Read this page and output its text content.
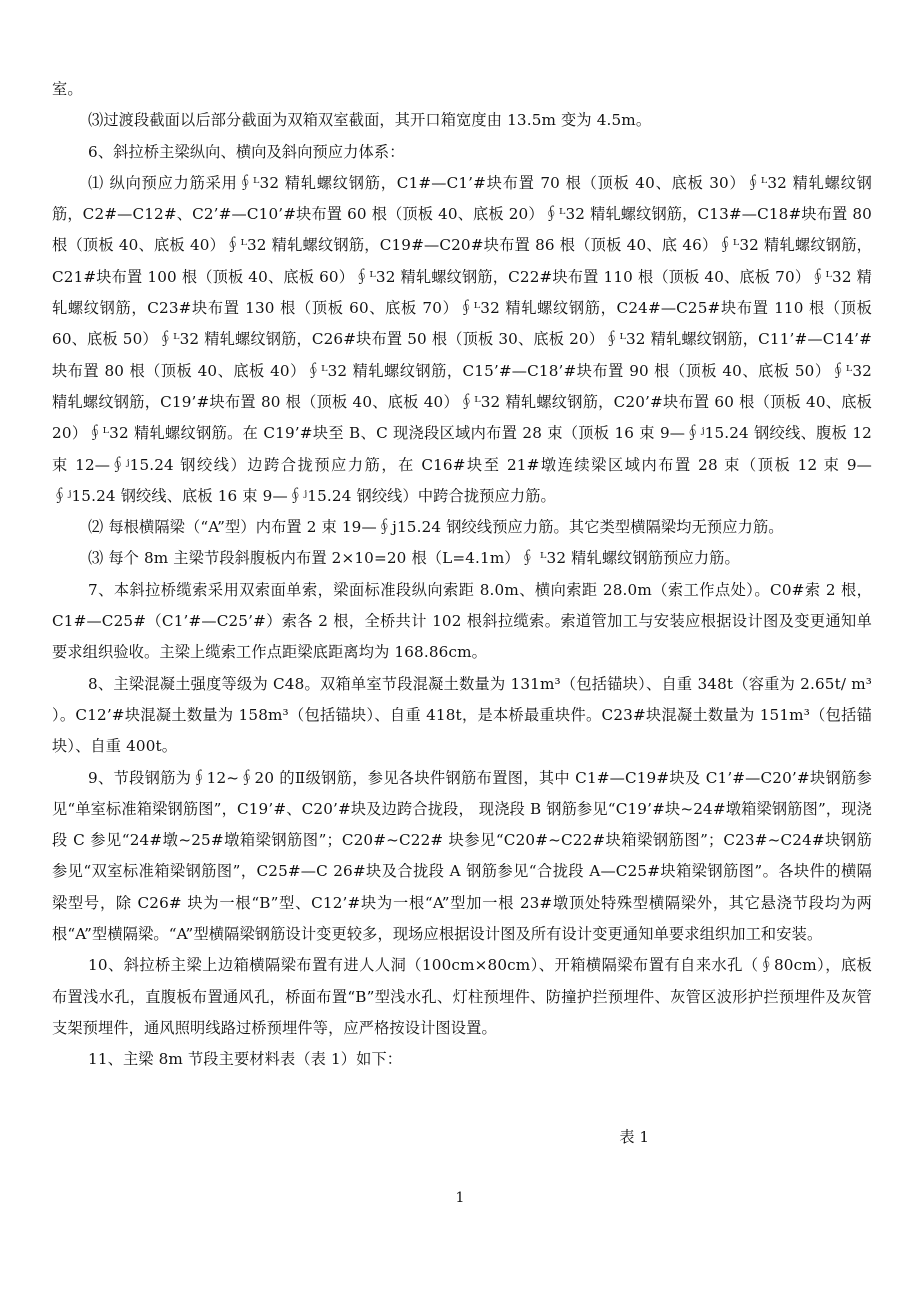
室。

⑶过渡段截面以后部分截面为双箱双室截面，其开口箱宽度由 13.5m 变为 4.5m。

6、斜拉桥主梁纵向、横向及斜向预应力体系：

⑴ 纵向预应力筋采用∮ᴸ32 精轧螺纹钢筋，C1#—C1’#块布置 70 根（顶板 40、底板 30）∮ᴸ32 精轧螺纹钢筋，C2#—C12#、C2’#—C10’#块布置 60 根（顶板 40、底板 20）∮ᴸ32 精轧螺纹钢筋，C13#—C18#块布置 80 根（顶板 40、底板 40）∮ᴸ32 精轧螺纹钢筋，C19#—C20#块布置 86 根（顶板 40、底 46）∮ᴸ32 精轧螺纹钢筋，C21#块布置 100 根（顶板 40、底板 60）∮ᴸ32 精轧螺纹钢筋，C22#块布置 110 根（顶板 40、底板 70）∮ᴸ32 精轧螺纹钢筋，C23#块布置 130 根（顶板 60、底板 70）∮ᴸ32 精轧螺纹钢筋，C24#—C25#块布置 110 根（顶板 60、底板 50）∮ᴸ32 精轧螺纹钢筋，C26#块布置 50 根（顶板 30、底板 20）∮ᴸ32 精轧螺纹钢筋，C11’#—C14’#块布置 80 根（顶板 40、底板 40）∮ᴸ32 精轧螺纹钢筋，C15’#—C18’#块布置 90 根（顶板 40、底板 50）∮ᴸ32 精轧螺纹钢筋，C19’#块布置 80 根（顶板 40、底板 40）∮ᴸ32 精轧螺纹钢筋，C20’#块布置 60 根（顶板 40、底板 20）∮ᴸ32 精轧螺纹钢筋。在 C19’#块至 B、C 现浇段区域内布置 28 束（顶板 16 束 9—∮ʲ15.24 钢绞线、腹板 12 束 12—∮ʲ15.24 钢绞线）边跨合拢预应力筋，在 C16#块至 21#墩连续梁区域内布置 28 束（顶板 12 束 9—∮ʲ15.24 钢绞线、底板 16 束 9—∮ʲ15.24 钢绞线）中跨合拢预应力筋。

⑵ 每根横隔梁（“A”型）内布置 2 束 19—∮j15.24 钢绞线预应力筋。其它类型横隔梁均无预应力筋。

⑶ 每个 8m 主梁节段斜腹板内布置 2×10=20 根（L=4.1m）∮ ᴸ32 精轧螺纹钢筋预应力筋。

7、本斜拉桥缆索采用双索面单索，梁面标准段纵向索距 8.0m、横向索距 28.0m（索工作点处）。C0#索 2 根，C1#—C25#（C1’#—C25’#）索各 2 根，全桥共计 102 根斜拉缆索。索道管加工与安装应根据设计图及变更通知单要求组织验收。主梁上缆索工作点距梁底距离均为 168.86cm。

8、主梁混凝土强度等级为 C48。双箱单室节段混凝土数量为 131m³（包括锚块）、自重 348t（容重为 2.65t/ m³ ）。C12’#块混凝土数量为 158m³（包括锚块）、自重 418t，是本桥最重块件。C23#块混凝土数量为 151m³（包括锚块）、自重 400t。

9、节段钢筋为∮12~∮20 的Ⅱ级钢筋，参见各块件钢筋布置图，其中 C1#—C19#块及 C1’#—C20’#块钢筋参见“单室标准箱梁钢筋图”，C19’#、C20’#块及边跨合拢段， 现浇段 B 钢筋参见“C19’#块~24#墩箱梁钢筋图”，现浇段 C 参见“24#墩~25#墩箱梁钢筋图”；C20#~C22# 块参见“C20#~C22#块箱梁钢筋图”；C23#~C24#块钢筋参见“双室标准箱梁钢筋图”，C25#—C 26#块及合拢段 A 钢筋参见“合拢段 A—C25#块箱梁钢筋图”。各块件的横隔梁型号，除 C26# 块为一根“B”型、C12’#块为一根“A”型加一根 23#墩顶处特殊型横隔梁外，其它悬浇节段均为两根“A”型横隔梁。“A”型横隔梁钢筋设计变更较多，现场应根据设计图及所有设计变更通知单要求组织加工和安装。

10、斜拉桥主梁上边箱横隔梁布置有进人人洞（100cm×80cm）、开箱横隔梁布置有自来水孔（∮80cm），底板布置浅水孔，直腹板布置通风孔，桥面布置“B”型浅水孔、灯柱预埋件、防撞护拦预埋件、灰管区波形护拦预埋件及灰管支架预埋件，通风照明线路过桥预埋件等，应严格按设计图设置。

11、主梁 8m 节段主要材料表（表 1）如下：

表 1
1
